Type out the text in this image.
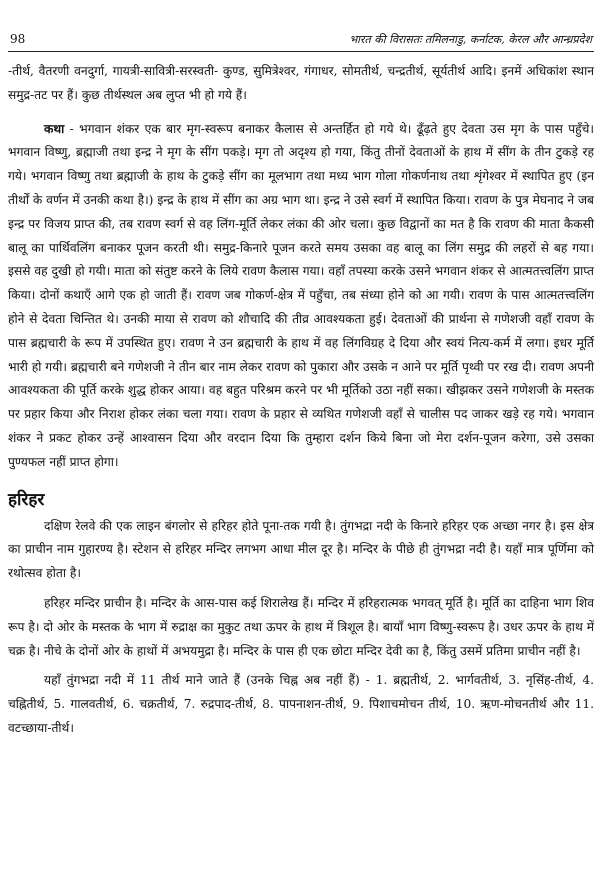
98	भारत की विरासतः तमिलनाडु, कर्नाटक, केरल और आन्ध्रप्रदेश

-तीर्थ, वैतरणी वनदुर्गा, गायत्री-सावित्री-सरस्वती- कुण्ड, सुमित्रेश्वर, गंगाधर, सोमतीर्थ, चन्द्रतीर्थ, सूर्यतीर्थ आदि। इनमें अधिकांश स्थान समुद्र-तट पर हैं। कुछ तीर्थस्थल अब लुप्त भी हो गये हैं।

कथा - भगवान शंकर एक बार मृग-स्वरूप बनाकर कैलास से अन्तर्हित हो गये थे। ढूँढ़ते हुए देवता उस मृग के पास पहुँचे। भगवान विष्णु, ब्रह्माजी तथा इन्द्र ने मृग के सींग पकड़े। मृग तो अदृश्य हो गया, किंतु तीनों देवताओं के हाथ में सींग के तीन टुकड़े रह गये। भगवान विष्णु तथा ब्रह्माजी के हाथ के टुकड़े सींग का मूलभाग तथा मध्य भाग गोला गोकर्णनाथ तथा शृंगेश्वर में स्थापित हुए (इन तीर्थों के वर्णन में उनकी कथा है।) इन्द्र के हाथ में सींग का अग्र भाग था। इन्द्र ने उसे स्वर्ग में स्थापित किया। रावण के पुत्र मेघनाद ने जब इन्द्र पर विजय प्राप्त की, तब रावण स्वर्ग से वह लिंग-मूर्ति लेकर लंका की ओर चला। कुछ विद्वानों का मत है कि रावण की माता कैकसी बालू का पार्थिवलिंग बनाकर पूजन करती थी। समुद्र-किनारे पूजन करते समय उसका वह बालू का लिंग समुद्र की लहरों से बह गया। इससे वह दुखी हो गयी। माता को संतुष्ट करने के लिये रावण कैलास गया। वहाँ तपस्या करके उसने भगवान शंकर से आत्मतत्त्वलिंग प्राप्त किया। दोनों कथाएँ आगे एक हो जाती हैं। रावण जब गोकर्ण-क्षेत्र में पहुँचा, तब संध्या होने को आ गयी। रावण के पास आत्मतत्त्वलिंग होने से देवता चिन्तित थे। उनकी माया से रावण को शौचादि की तीव्र आवश्यकता हुई। देवताओं की प्रार्थना से गणेशजी वहाँ रावण के पास ब्रह्मचारी के रूप में उपस्थित हुए। रावण ने उन ब्रह्मचारी के हाथ में वह लिंगविग्रह दे दिया और स्वयं नित्य-कर्म में लगा। इधर मूर्ति भारी हो गयी। ब्रह्मचारी बने गणेशजी ने तीन बार नाम लेकर रावण को पुकारा और उसके न आने पर मूर्ति पृथ्वी पर रख दी। रावण अपनी आवश्यकता की पूर्ति करके शुद्ध होकर आया। वह बहुत परिश्रम करने पर भी मूर्तिको उठा नहीं सका। खीझकर उसने गणेशजी के मस्तक पर प्रहार किया और निराश होकर लंका चला गया। रावण के प्रहार से व्यथित गणेशजी वहाँ से चालीस पद जाकर खड़े रह गये। भगवान शंकर ने प्रकट होकर उन्हें आश्वासन दिया और वरदान दिया कि तुम्हारा दर्शन किये बिना जो मेरा दर्शन-पूजन करेगा, उसे उसका पुण्यफल नहीं प्राप्त होगा।

हरिहर

दक्षिण रेलवे की एक लाइन बंगलोर से हरिहर होते पूना-तक गयी है। तुंगभद्रा नदी के किनारे हरिहर एक अच्छा नगर है। इस क्षेत्र का प्राचीन नाम गुहारण्य है। स्टेशन से हरिहर मन्दिर लगभग आधा मील दूर है। मन्दिर के पीछे ही तुंगभद्रा नदी है। यहाँ मात्र पूर्णिमा को रथोत्सव होता है।

हरिहर मन्दिर प्राचीन है। मन्दिर के आस-पास कई शिरालेख हैं। मन्दिर में हरिहरात्मक भगवत् मूर्ति है। मूर्ति का दाहिना भाग शिव रूप है। दो ओर के मस्तक के भाग में रुद्राक्ष का मुकुट तथा ऊपर के हाथ में त्रिशूल है। बायाँ भाग विष्णु-स्वरूप है। उधर ऊपर के हाथ में चक्र है। नीचे के दोनों ओर के हाथों में अभयमुद्रा है। मन्दिर के पास ही एक छोटा मन्दिर देवी का है, किंतु उसमें प्रतिमा प्राचीन नहीं है।

यहाँ तुंगभद्रा नदी में 11 तीर्थ माने जाते हैं (उनके चिह्न अब नहीं हैं) - 1. ब्रह्मतीर्थ, 2. भार्गवतीर्थ, 3. नृसिंह-तीर्थ, 4. चह्नितीर्थ, 5. गालवतीर्थ, 6. चक्रतीर्थ, 7. रुद्रपाद-तीर्थ, 8. पापनाशन-तीर्थ, 9. पिशाचमोचन तीर्थ, 10. ऋण-मोचनतीर्थ और 11. वटच्छाया-तीर्थ।
